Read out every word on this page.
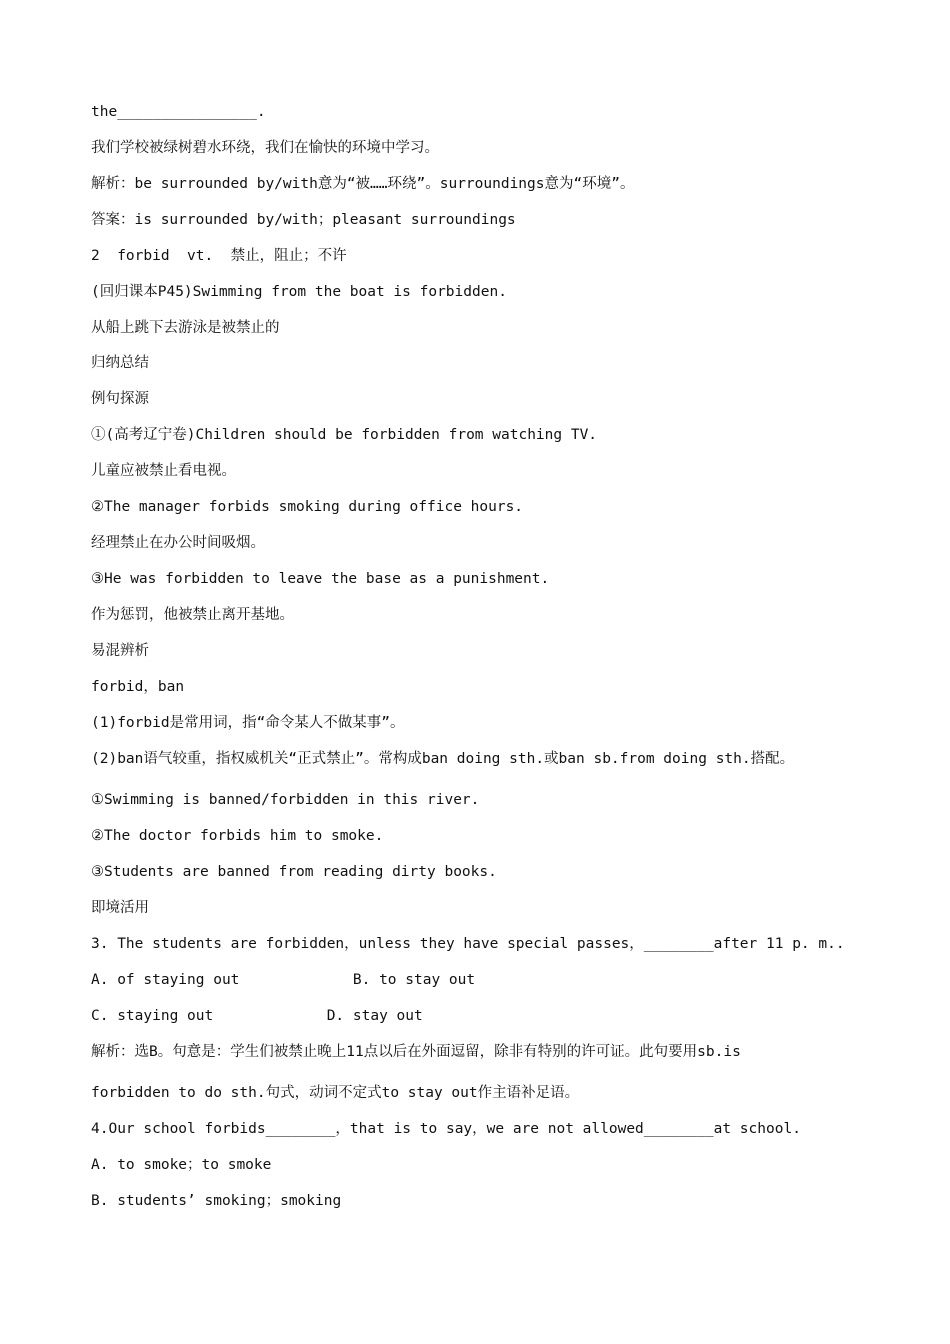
the________________.
我们学校被绿树碧水环绕，我们在愉快的环境中学习。
解析：be surrounded by/with意为“被……环绕”。surroundings意为“环境”。
答案：is surrounded by/with；pleasant surroundings
2  forbid  vt.  禁止，阻止；不许
(回归课本P45)Swimming from the boat is forbidden.
从船上跳下去游泳是被禁止的
归纳总结
例句探源
①(高考辽宁卷)Children should be forbidden from watching TV.
儿童应被禁止看电视。
②The manager forbids smoking during office hours.
经理禁止在办公时间吸烟。
③He was forbidden to leave the base as a punishment.
作为惩罚，他被禁止离开基地。
易混辨析
forbid，ban
(1)forbid是常用词，指“命令某人不做某事”。
(2)ban语气较重，指权威机关“正式禁止”。常构成ban doing sth.或ban sb.from doing sth.搭配。
①Swimming is banned/forbidden in this river.
②The doctor forbids him to smoke.
③Students are banned from reading dirty books.
即境活用
3. The students are forbidden，unless they have special passes，________after 11 p. m..
A. of staying out             B. to stay out
C. staying out             D. stay out
解析：选B。句意是：学生们被禁止晚上11点以后在外面逗留，除非有特别的许可证。此句要用sb.is
forbidden to do sth.句式，动词不定式to stay out作主语补足语。
4.Our school forbids________，that is to say，we are not allowed________at school.
A. to smoke；to smoke
B. students’ smoking；smoking
